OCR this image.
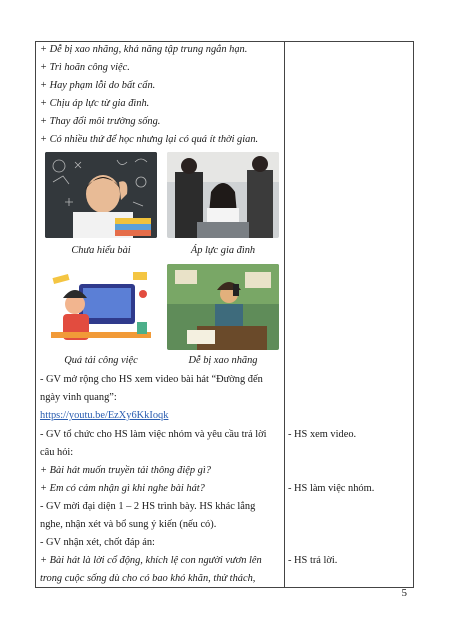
+ Dễ bị xao nhãng, khả năng tập trung ngắn hạn.
+ Trì hoãn công việc.
+ Hay phạm lỗi do bất cẩn.
+ Chịu áp lực từ gia đình.
+ Thay đổi môi trường sống.
+ Có nhiều thứ để học nhưng lại có quá ít thời gian.
Chưa hiểu bài	Áp lực gia đình
Quá tải công việc	Dễ bị xao nhãng
- GV mở rộng cho HS xem video bài hát “Đường đến
ngày vinh quang”:
https://youtu.be/EzXy6KkIoqk
- GV tổ chức cho HS làm việc nhóm và yêu cầu trả lời
câu hỏi:
+ Bài hát muốn truyền tải thông điệp gì?
+ Em có cảm nhận gì khi nghe bài hát?
- GV mời đại diện 1 – 2 HS trình bày. HS khác lắng
nghe, nhận xét và bổ sung ý kiến (nếu có).
- GV nhận xét, chốt đáp án:
+ Bài hát là lời cổ động, khích lệ con người vươn lên
trong cuộc sống dù cho có bao khó khăn, thử thách,
- HS xem video.
- HS làm việc nhóm.
- HS trả lời.
5
